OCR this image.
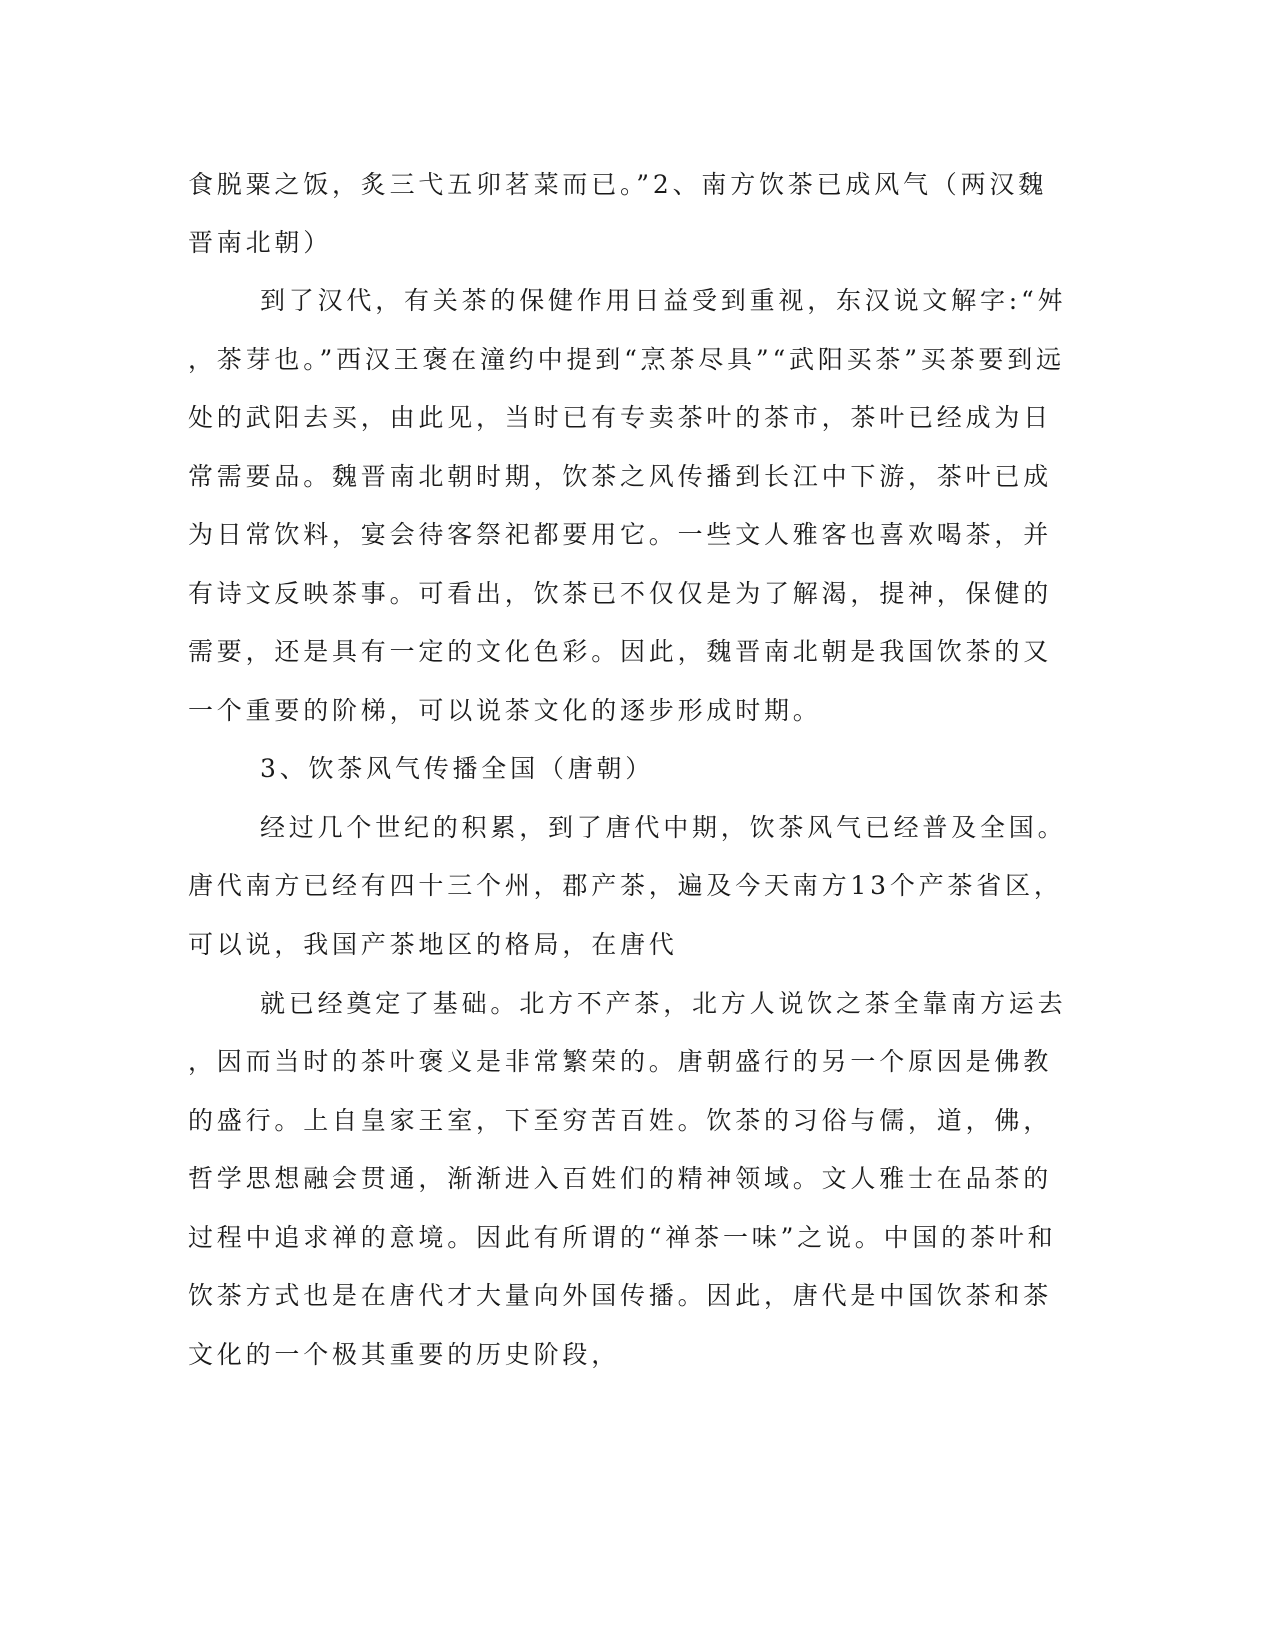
食脱粟之饭，炙三弋五卯茗菜而已。”2、南方饮茶已成风气（两汉魏
晋南北朝）
到了汉代，有关茶的保健作用日益受到重视，东汉说文解字:“舛
，茶芽也。”西汉王褒在潼约中提到“烹茶尽具”“武阳买茶”买茶要到远
处的武阳去买，由此见，当时已有专卖茶叶的茶市，茶叶已经成为日
常需要品。魏晋南北朝时期，饮茶之风传播到长江中下游，茶叶已成
为日常饮料，宴会待客祭祀都要用它。一些文人雅客也喜欢喝茶，并
有诗文反映茶事。可看出，饮茶已不仅仅是为了解渴，提神，保健的
需要，还是具有一定的文化色彩。因此，魏晋南北朝是我国饮茶的又
一个重要的阶梯，可以说茶文化的逐步形成时期。
3、饮茶风气传播全国（唐朝）
经过几个世纪的积累，到了唐代中期，饮茶风气已经普及全国。
唐代南方已经有四十三个州，郡产茶，遍及今天南方13个产茶省区，
可以说，我国产茶地区的格局，在唐代
就已经奠定了基础。北方不产茶，北方人说饮之茶全靠南方运去
，因而当时的茶叶褒义是非常繁荣的。唐朝盛行的另一个原因是佛教
的盛行。上自皇家王室，下至穷苦百姓。饮茶的习俗与儒，道，佛，
哲学思想融会贯通，渐渐进入百姓们的精神领域。文人雅士在品茶的
过程中追求禅的意境。因此有所谓的“禅茶一味”之说。中国的茶叶和
饮茶方式也是在唐代才大量向外国传播。因此，唐代是中国饮茶和茶
文化的一个极其重要的历史阶段，
